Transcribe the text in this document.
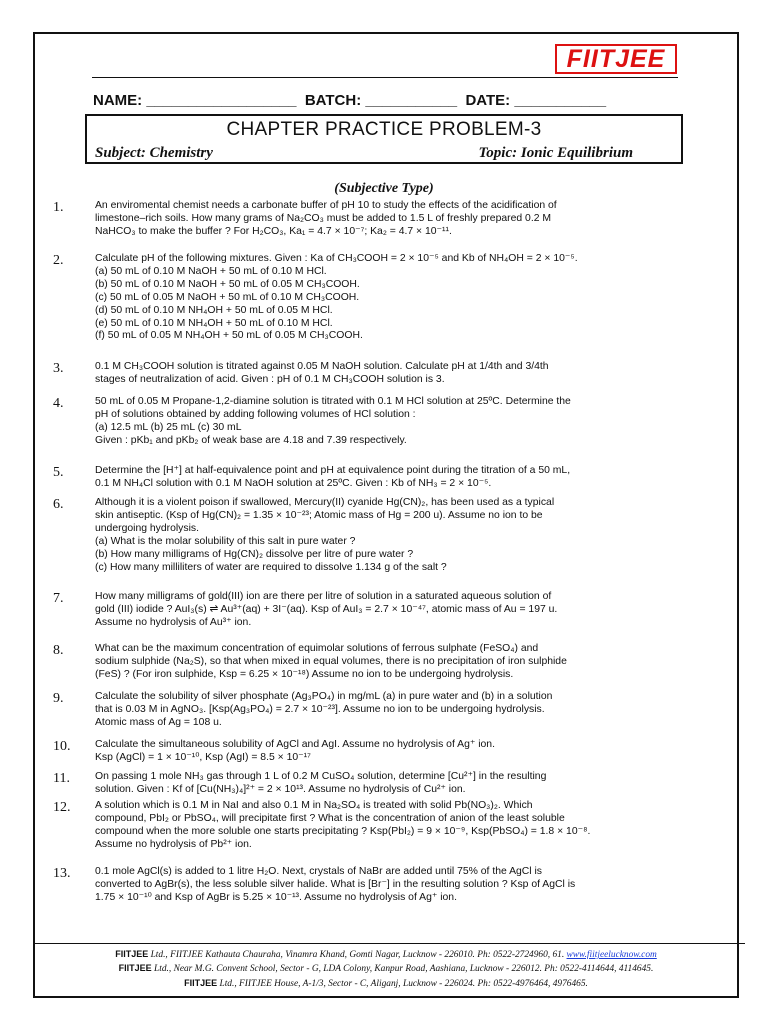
FIITJEE
NAME: __________________  BATCH: ___________  DATE: ___________
CHAPTER PRACTICE PROBLEM-3
Subject: Chemistry	Topic: Ionic Equilibrium
(Subjective Type)
1.	An enviromental chemist needs a carbonate buffer of pH 10 to study the effects of the acidification of
limestone–rich soils. How many grams of Na₂CO₃ must be added to 1.5 L of freshly prepared 0.2 M
NaHCO₃ to make the buffer ? For H₂CO₃, Ka₁ = 4.7 × 10⁻⁷; Ka₂ = 4.7 × 10⁻¹¹.
2.	Calculate pH of the following mixtures. Given : Ka of CH₃COOH = 2 × 10⁻⁵ and Kb of NH₄OH = 2 × 10⁻⁵.
(a) 50 mL of 0.10 M NaOH + 50 mL of 0.10 M HCl.
(b) 50 mL of 0.10 M NaOH + 50 mL of 0.05 M CH₃COOH.
(c) 50 mL of 0.05 M NaOH + 50 mL of 0.10 M CH₃COOH.
(d) 50 mL of 0.10 M NH₄OH + 50 mL of 0.05 M HCl.
(e) 50 mL of 0.10 M NH₄OH + 50 mL of 0.10 M HCl.
(f) 50 mL of 0.05 M NH₄OH + 50 mL of 0.05 M CH₃COOH.
3.	0.1 M CH₃COOH solution is titrated against 0.05 M NaOH solution. Calculate pH at 1/4th and 3/4th
stages of neutralization of acid. Given : pH of 0.1 M CH₃COOH solution is 3.
4.	50 mL of 0.05 M Propane-1,2-diamine solution is titrated with 0.1 M HCl solution at 25ºC. Determine the
pH of solutions obtained by adding following volumes of HCl solution :
(a) 12.5 mL (b) 25 mL (c) 30 mL
Given : pKb₁ and pKb₂ of weak base are 4.18 and 7.39 respectively.
5.	Determine the [H⁺] at half-equivalence point and pH at equivalence point during the titration of a 50 mL,
0.1 M NH₄Cl solution with 0.1 M NaOH solution at 25ºC. Given : Kb of NH₃ = 2 × 10⁻⁵.
6.	Although it is a violent poison if swallowed, Mercury(II) cyanide Hg(CN)₂, has been used as a typical
skin antiseptic. (Ksp of Hg(CN)₂ = 1.35 × 10⁻²³; Atomic mass of Hg = 200 u). Assume no ion to be
undergoing hydrolysis.
(a) What is the molar solubility of this salt in pure water ?
(b) How many milligrams of Hg(CN)₂ dissolve per litre of pure water ?
(c) How many milliliters of water are required to dissolve 1.134 g of the salt ?
7.	How many milligrams of gold(III) ion are there per litre of solution in a saturated aqueous solution of
gold (III) iodide ? AuI₃(s) ⇌ Au³⁺(aq) + 3I⁻(aq). Ksp of AuI₃ = 2.7 × 10⁻⁴⁷, atomic mass of Au = 197 u.
Assume no hydrolysis of Au³⁺ ion.
8.	What can be the maximum concentration of equimolar solutions of ferrous sulphate (FeSO₄) and
sodium sulphide (Na₂S), so that when mixed in equal volumes, there is no precipitation of iron sulphide
(FeS) ? (For iron sulphide, Ksp = 6.25 × 10⁻¹⁸) Assume no ion to be undergoing hydrolysis.
9.	Calculate the solubility of silver phosphate (Ag₃PO₄) in mg/mL (a) in pure water and (b) in a solution
that is 0.03 M in AgNO₃. [Ksp(Ag₃PO₄) = 2.7 × 10⁻²³]. Assume no ion to be undergoing hydrolysis.
Atomic mass of Ag = 108 u.
10.	Calculate the simultaneous solubility of AgCl and AgI. Assume no hydrolysis of Ag⁺ ion.
Ksp (AgCl) = 1 × 10⁻¹⁰, Ksp (AgI) = 8.5 × 10⁻¹⁷
11.	On passing 1 mole NH₃ gas through 1 L of 0.2 M CuSO₄ solution, determine [Cu²⁺] in the resulting
solution. Given : Kf of [Cu(NH₃)₄]²⁺ = 2 × 10¹³. Assume no hydrolysis of Cu²⁺ ion.
12.	A solution which is 0.1 M in NaI and also 0.1 M in Na₂SO₄ is treated with solid Pb(NO₃)₂. Which
compound, PbI₂ or PbSO₄, will precipitate first ? What is the concentration of anion of the least soluble
compound when the more soluble one starts precipitating ? Ksp(PbI₂) = 9 × 10⁻⁹, Ksp(PbSO₄) = 1.8 × 10⁻⁸.
Assume no hydrolysis of Pb²⁺ ion.
13.	0.1 mole AgCl(s) is added to 1 litre H₂O. Next, crystals of NaBr are added until 75% of the AgCl is
converted to AgBr(s), the less soluble silver halide. What is [Br⁻] in the resulting solution ? Ksp of AgCl is
1.75 × 10⁻¹⁰ and Ksp of AgBr is 5.25 × 10⁻¹³. Assume no hydrolysis of Ag⁺ ion.
FIITJEE Ltd., FIITJEE Kathauta Chauraha, Vinamra Khand, Gomti Nagar, Lucknow - 226010. Ph: 0522-2724960, 61. www.fiitjeelucknow.com
FIITJEE Ltd., Near M.G. Convent School, Sector - G, LDA Colony, Kanpur Road, Aashiana, Lucknow - 226012. Ph: 0522-4114644, 4114645.
FIITJEE Ltd., FIITJEE House, A-1/3, Sector - C, Aliganj, Lucknow - 226024. Ph: 0522-4976464, 4976465.
